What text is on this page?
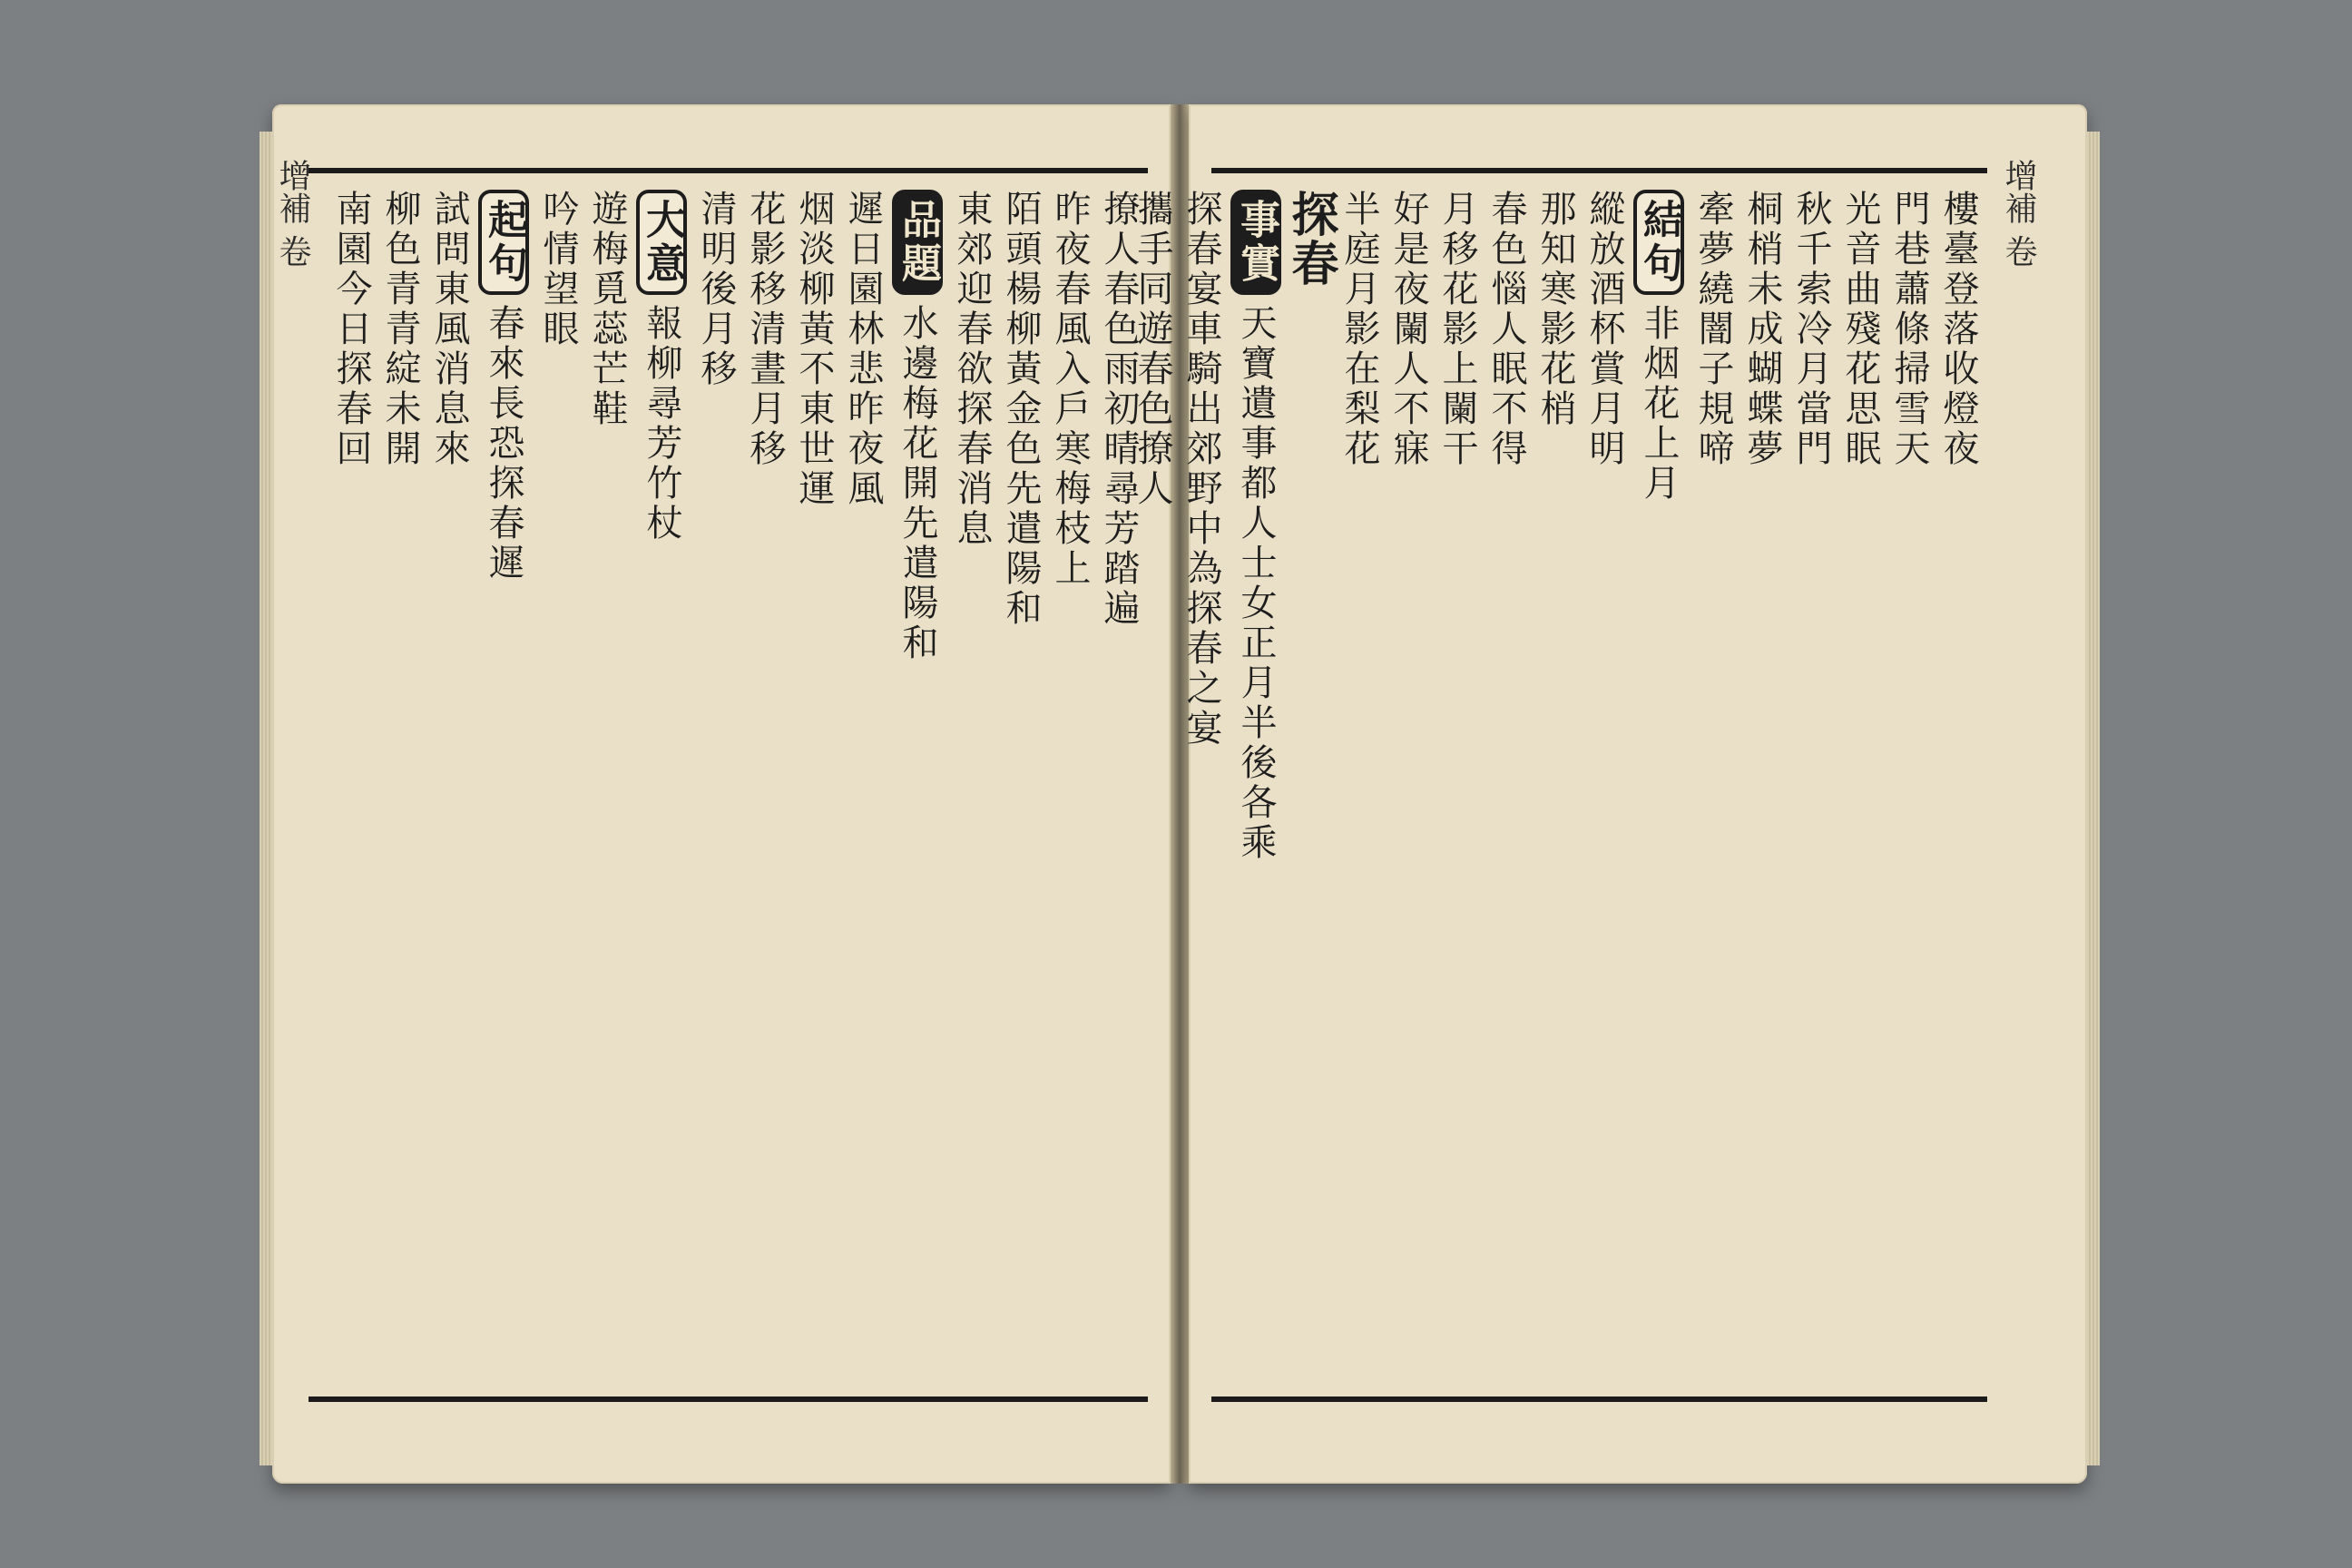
增補 卷	撩人春色雨初晴尋芳踏遍
昨夜春風入戶寒梅枝上
陌頭楊柳黃金色先遣陽和
東郊迎春欲探春消息
品題水邊梅花開先遣陽和
遲日園林悲昨夜風
烟淡柳黃不東世運
花影移清晝月移
清明後月移
大意報柳尋芳竹杖
遊梅覓蕊芒鞋
吟情望眼
起句春來長恐探春遲
試問東風消息來
柳色青青綻未開
南園今日探春回	增補 卷
樓臺登落收燈夜
門巷蕭條掃雪天
光音曲殘花思眠
秋千索冷月當門
桐梢未成蝴蝶夢
牽夢繞闇子規啼
結句非烟花上月
縱放酒杯賞月明
那知寒影花梢
春色惱人眠不得
月移花影上闌干
好是夜闌人不寐
半庭月影在梨花
探春
事實天寶遺事都人士女正月半後各乘
探春宴車騎出郊野中為探春之宴
攜手同遊春色撩人
